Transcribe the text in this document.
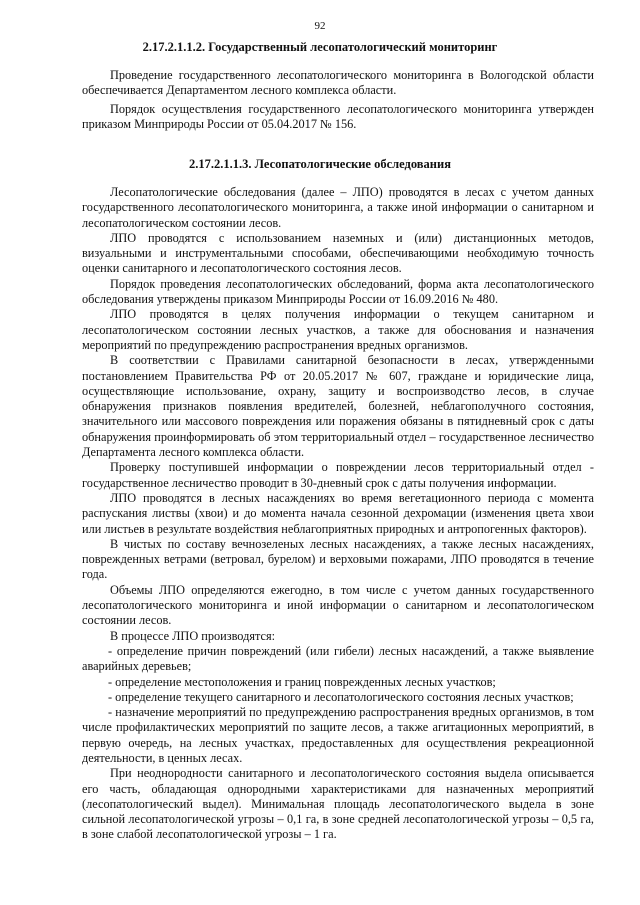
92
2.17.2.1.1.2. Государственный лесопатологический мониторинг

Проведение государственного лесопатологического мониторинга в Вологодской области обеспечивается Департаментом лесного комплекса области.

Порядок осуществления государственного лесопатологического мониторинга утвержден приказом Минприроды России от 05.04.2017 № 156.

2.17.2.1.1.3. Лесопатологические обследования

Лесопатологические обследования (далее – ЛПО) проводятся в лесах с учетом данных государственного лесопатологического мониторинга, а также иной информации о санитарном и лесопатологическом состоянии лесов.

ЛПО проводятся с использованием наземных и (или) дистанционных методов, визуальными и инструментальными способами, обеспечивающими необходимую точность оценки санитарного и лесопатологического состояния лесов.

Порядок проведения лесопатологических обследований, форма акта лесопатологического обследования утверждены приказом Минприроды России от 16.09.2016 № 480.

ЛПО проводятся в целях получения информации о текущем санитарном и лесопатологическом состоянии лесных участков, а также для обоснования и назначения мероприятий по предупреждению распространения вредных организмов.

В соответствии с Правилами санитарной безопасности в лесах, утвержденными постановлением Правительства РФ от 20.05.2017 № 607, граждане и юридические лица, осуществляющие использование, охрану, защиту и воспроизводство лесов, в случае обнаружения признаков появления вредителей, болезней, неблагополучного состояния, значительного или массового повреждения или поражения обязаны в пятидневный срок с даты обнаружения проинформировать об этом территориальный отдел – государственное лесничество Департамента лесного комплекса области.

Проверку поступившей информации о повреждении лесов территориальный отдел - государственное лесничество проводит в 30-дневный срок с даты получения информации.

ЛПО проводятся в лесных насаждениях во время вегетационного периода с момента распускания листвы (хвои) и до момента начала сезонной дехромации (изменения цвета хвои или листьев в результате воздействия неблагоприятных природных и антропогенных факторов).

В чистых по составу вечнозеленых лесных насаждениях, а также лесных насаждениях, поврежденных ветрами (ветровал, бурелом) и верховыми пожарами, ЛПО проводятся в течение года.

Объемы ЛПО определяются ежегодно, в том числе с учетом данных государственного лесопатологического мониторинга и иной информации о санитарном и лесопатологическом состоянии лесов.

В процессе ЛПО производятся:

- определение причин повреждений (или гибели) лесных насаждений, а также выявление аварийных деревьев;

- определение местоположения и границ поврежденных лесных участков;

- определение текущего санитарного и лесопатологического состояния лесных участков;

- назначение мероприятий по предупреждению распространения вредных организмов, в том числе профилактических мероприятий по защите лесов, а также агитационных мероприятий, в первую очередь, на лесных участках, предоставленных для осуществления рекреационной деятельности, в ценных лесах.

При неоднородности санитарного и лесопатологического состояния выдела описывается его часть, обладающая однородными характеристиками для назначенных мероприятий (лесопатологический выдел). Минимальная площадь лесопатологического выдела в зоне сильной лесопатологической угрозы – 0,1 га, в зоне средней лесопатологической угрозы – 0,5 га, в зоне слабой лесопатологической угрозы – 1 га.
